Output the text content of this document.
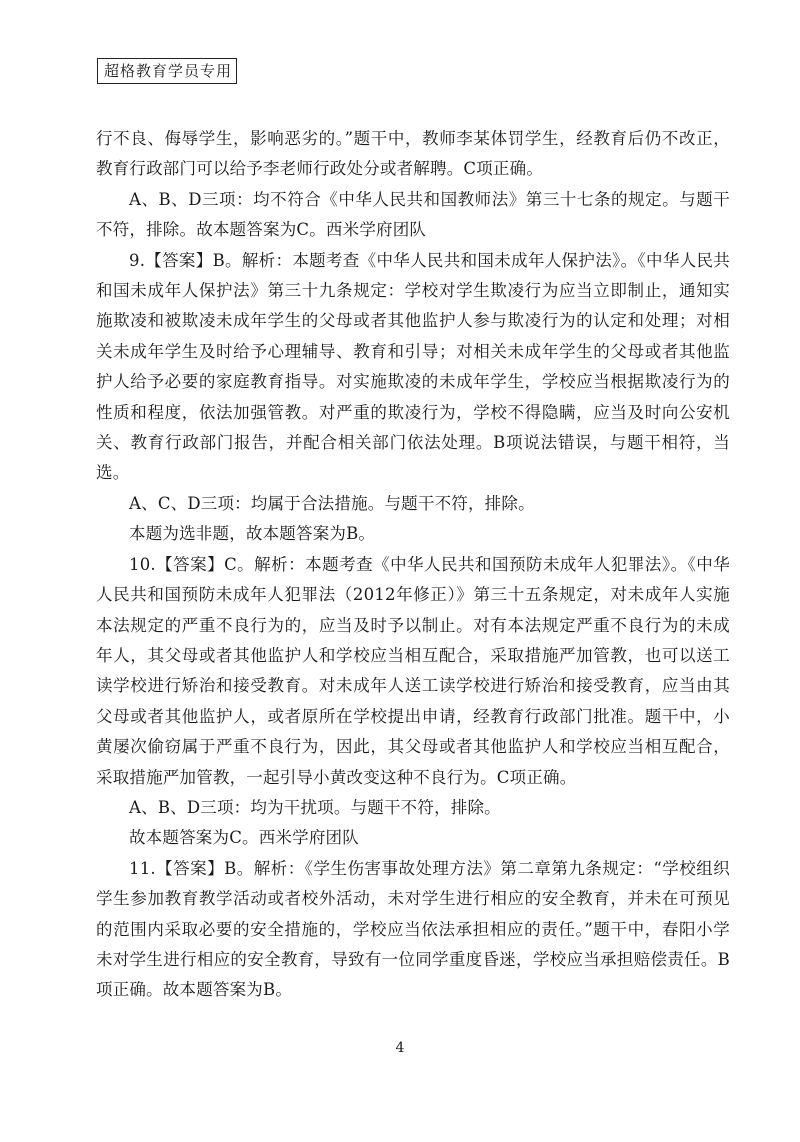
超格教育学员专用

行不良、侮辱学生，影响恶劣的。”题干中，教师李某体罚学生，经教育后仍不改正，教育行政部门可以给予李老师行政处分或者解聘。C项正确。

A、B、D三项：均不符合《中华人民共和国教师法》第三十七条的规定。与题干不符，排除。故本题答案为C。西米学府团队

9.【答案】B。解析：本题考查《中华人民共和国未成年人保护法》。《中华人民共和国未成年人保护法》第三十九条规定：学校对学生欺凌行为应当立即制止，通知实施欺凌和被欺凌未成年学生的父母或者其他监护人参与欺凌行为的认定和处理；对相关未成年学生及时给予心理辅导、教育和引导；对相关未成年学生的父母或者其他监护人给予必要的家庭教育指导。对实施欺凌的未成年学生，学校应当根据欺凌行为的性质和程度，依法加强管教。对严重的欺凌行为，学校不得隐瞒，应当及时向公安机关、教育行政部门报告，并配合相关部门依法处理。B项说法错误，与题干相符，当选。

A、C、D三项：均属于合法措施。与题干不符，排除。

本题为选非题，故本题答案为B。

10.【答案】C。解析：本题考查《中华人民共和国预防未成年人犯罪法》。《中华人民共和国预防未成年人犯罪法（2012年修正）》第三十五条规定，对未成年人实施本法规定的严重不良行为的，应当及时予以制止。对有本法规定严重不良行为的未成年人，其父母或者其他监护人和学校应当相互配合，采取措施严加管教，也可以送工读学校进行矫治和接受教育。对未成年人送工读学校进行矫治和接受教育，应当由其父母或者其他监护人，或者原所在学校提出申请，经教育行政部门批准。题干中，小黄屡次偷窃属于严重不良行为，因此，其父母或者其他监护人和学校应当相互配合，采取措施严加管教，一起引导小黄改变这种不良行为。C项正确。

A、B、D三项：均为干扰项。与题干不符，排除。

故本题答案为C。西米学府团队

11.【答案】B。解析：《学生伤害事故处理方法》第二章第九条规定：“学校组织学生参加教育教学活动或者校外活动，未对学生进行相应的安全教育，并未在可预见的范围内采取必要的安全措施的，学校应当依法承担相应的责任。”题干中，春阳小学未对学生进行相应的安全教育，导致有一位同学重度昏迷，学校应当承担赔偿责任。B项正确。故本题答案为B。

4
